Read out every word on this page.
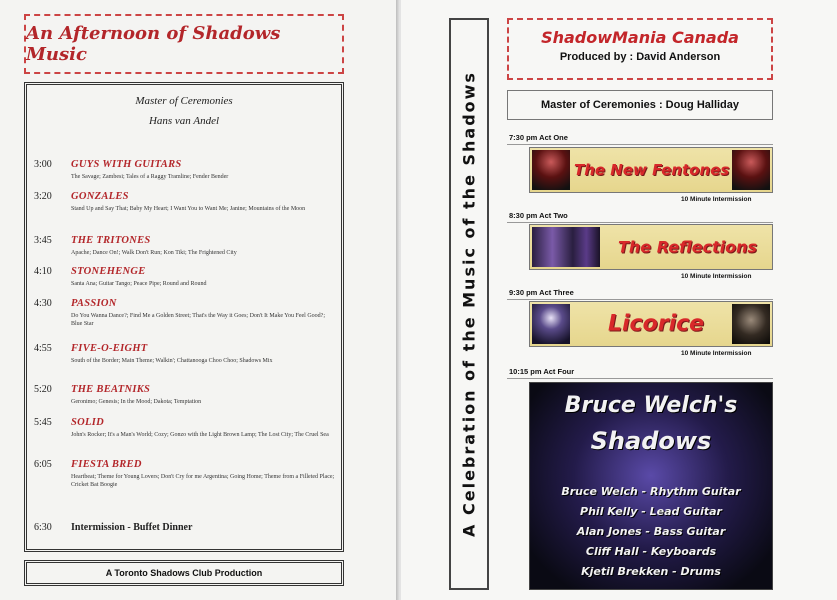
An Afternoon of Shadows Music
Master of Ceremonies
Hans van Andel
3:00 GUYS WITH GUITARS
The Savage; Zambesi; Tales of a Raggy Tramline; Fender Bender
3:20 GONZALES
Stand Up and Say That; Baby My Heart; I Want You to Want Me; Janine; Mountains of the Moon
3:45 THE TRITONES
Apache; Dance On!; Walk Don't Run; Kon Tiki; The Frightened City
4:10 STONEHENGE
Santa Ana; Guitar Tango; Peace Pipe; Round and Round
4:30 PASSION
Do You Wanna Dance?; Find Me a Golden Street; That's the Way it Goes; Don't It Make You Feel Good?; Blue Star
4:55 FIVE-O-EIGHT
South of the Border; Main Theme; Walkin'; Chattanooga Choo Choo; Shadows Mix
5:20 THE BEATNIKS
Geronimo; Genesis; In the Mood; Dakota; Temptation
5:45 SOLID
John's Rocker; It's a Man's World; Cozy; Gonzo with the Light Brown Lamp; The Lost City; The Cruel Sea
6:05 FIESTA BRED
Heartbeat; Theme for Young Lovers; Don't Cry for me Argentina; Going Home; Theme from a Filleted Place; Cricket Bat Boogie
6:30 Intermission - Buffet Dinner
A Toronto Shadows Club Production
A Celebration of the Music of the Shadows
ShadowMania Canada
Produced by : David Anderson
Master of Ceremonies : Doug Halliday
7:30 pm Act One
The New Fentones
10 Minute Intermission
8:30 pm Act Two
The Reflections
10 Minute Intermission
9:30 pm Act Three
Licorice
10 Minute Intermission
10:15 pm Act Four
Bruce Welch's
Shadows
Bruce Welch - Rhythm Guitar
Phil Kelly - Lead Guitar
Alan Jones - Bass Guitar
Cliff Hall - Keyboards
Kjetil Brekken - Drums
